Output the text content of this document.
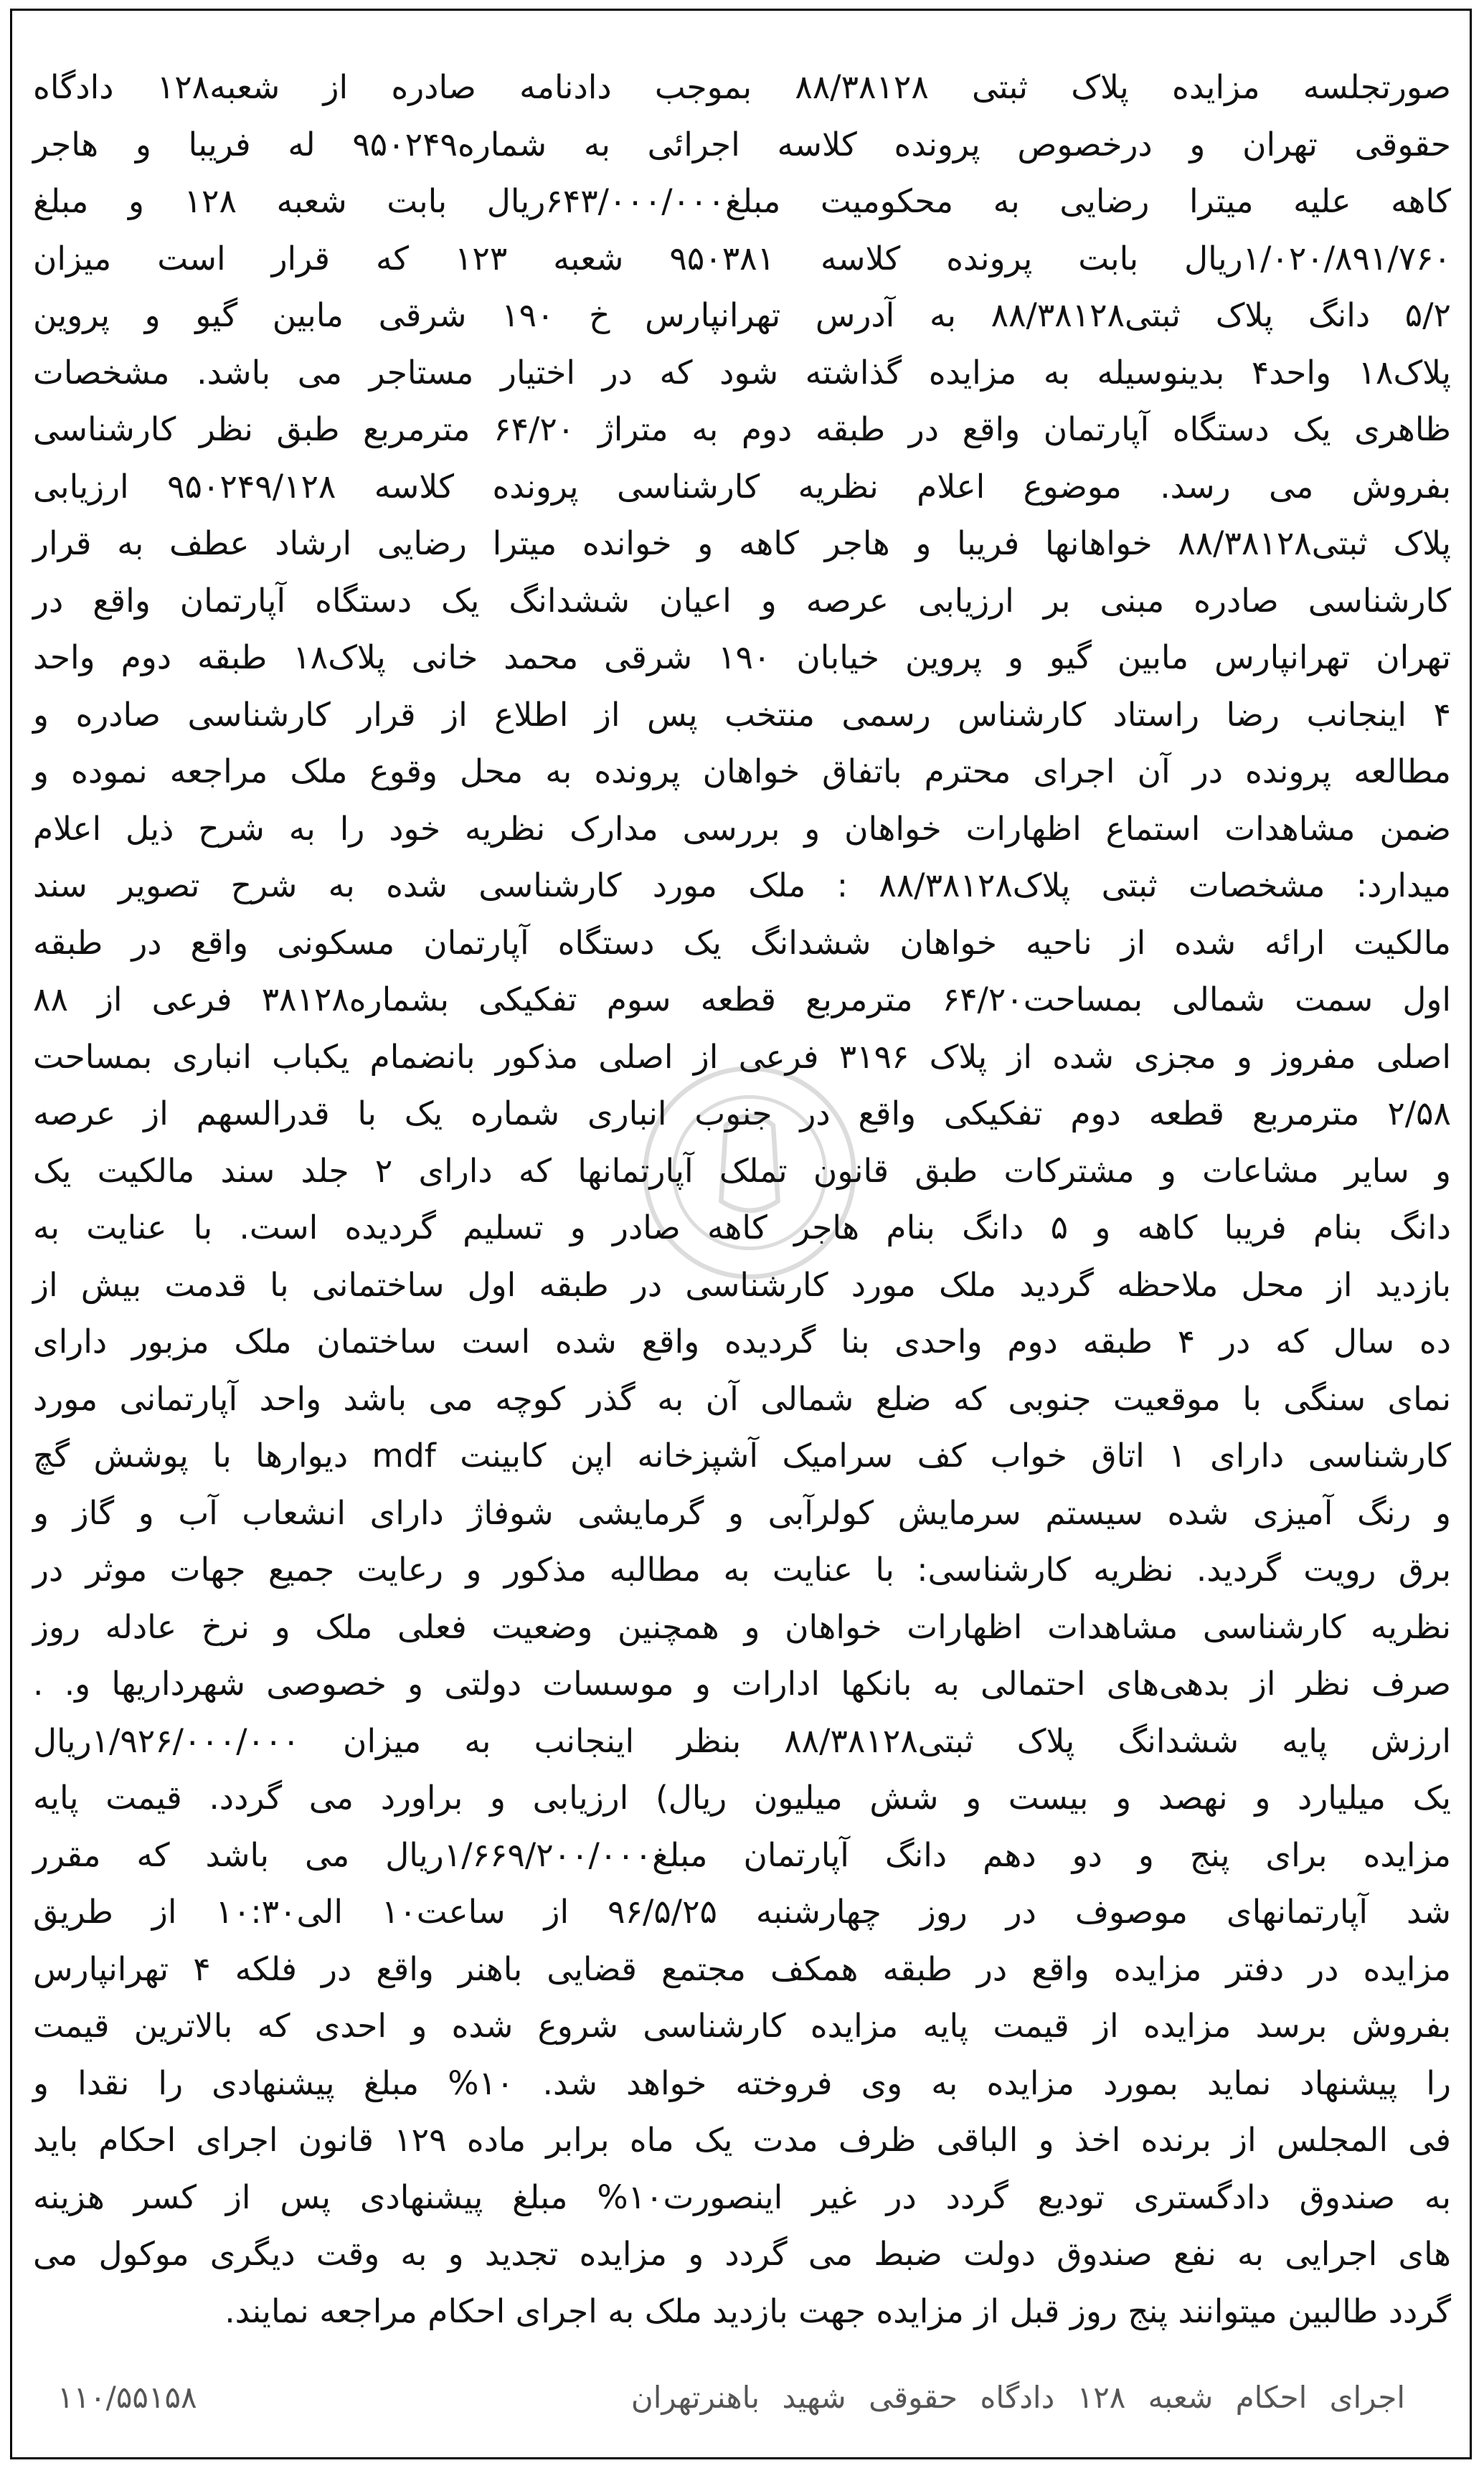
صورتجلسه مزایده پلاک ثبتی ۸۸/۳۸۱۲۸ بموجب دادنامه صادره از شعبه۱۲۸ دادگاه
حقوقی تهران و درخصوص پرونده کلاسه اجرائی به شماره۹۵۰۲۴۹ له فریبا و هاجر
کاهه علیه میترا رضایی به محکومیت مبلغ۶۴۳/۰۰۰/۰۰۰ریال بابت شعبه ۱۲۸ و مبلغ
۱/۰۲۰/۸۹۱/۷۶۰ریال بابت پرونده کلاسه ۹۵۰۳۸۱ شعبه ۱۲۳ که قرار است میزان
۵/۲ دانگ پلاک ثبتی۸۸/۳۸۱۲۸ به آدرس تهرانپارس خ ۱۹۰ شرقی مابین گیو و پروین
پلاک۱۸ واحد۴ بدینوسیله به مزایده گذاشته شود که در اختیار مستاجر می باشد. مشخصات
ظاهری یک دستگاه آپارتمان واقع در طبقه دوم به متراژ ۶۴/۲۰ مترمربع طبق نظر کارشناسی
بفروش می رسد. موضوع اعلام نظریه کارشناسی پرونده کلاسه ۹۵۰۲۴۹/۱۲۸ ارزیابی
پلاک ثبتی۸۸/۳۸۱۲۸ خواهانها فریبا و هاجر کاهه و خوانده میترا رضایی ارشاد عطف به قرار
کارشناسی صادره مبنی بر ارزیابی عرصه و اعیان ششدانگ یک دستگاه آپارتمان واقع در
تهران تهرانپارس مابین گیو و پروین خیابان ۱۹۰ شرقی محمد خانی پلاک۱۸ طبقه دوم واحد
۴ اینجانب رضا راستاد کارشناس رسمی منتخب پس از اطلاع از قرار کارشناسی صادره و
مطالعه پرونده در آن اجرای محترم باتفاق خواهان پرونده به محل وقوع ملک مراجعه نموده و
ضمن مشاهدات استماع اظهارات خواهان و بررسی مدارک نظریه خود را به شرح ذیل اعلام
میدارد: مشخصات ثبتی پلاک۸۸/۳۸۱۲۸ : ملک مورد کارشناسی شده به شرح تصویر سند
مالکیت ارائه شده از ناحیه خواهان ششدانگ یک دستگاه آپارتمان مسکونی واقع در طبقه
اول سمت شمالی بمساحت۶۴/۲۰ مترمربع قطعه سوم تفکیکی بشماره۳۸۱۲۸ فرعی از ۸۸
اصلی مفروز و مجزی شده از پلاک ۳۱۹۶ فرعی از اصلی مذکور بانضمام یکباب انباری بمساحت
۲/۵۸ مترمربع قطعه دوم تفکیکی واقع در جنوب انباری شماره یک با قدرالسهم از عرصه
و سایر مشاعات و مشترکات طبق قانون تملک آپارتمانها که دارای ۲ جلد سند مالکیت یک
دانگ بنام فریبا کاهه و ۵ دانگ بنام هاجر کاهه صادر و تسلیم گردیده است. با عنایت به
بازدید از محل ملاحظه گردید ملک مورد کارشناسی در طبقه اول ساختمانی با قدمت بیش از
ده سال که در ۴ طبقه دوم واحدی بنا گردیده واقع شده است ساختمان ملک مزبور دارای
نمای سنگی با موقعیت جنوبی که ضلع شمالی آن به گذر کوچه می باشد واحد آپارتمانی مورد
کارشناسی دارای ۱ اتاق خواب کف سرامیک آشپزخانه اپن کابینت mdf دیوارها با پوشش گچ
و رنگ آمیزی شده سیستم سرمایش کولرآبی و گرمایشی شوفاژ دارای انشعاب آب و گاز و
برق رویت گردید. نظریه کارشناسی: با عنایت به مطالبه مذکور و رعایت جمیع جهات موثر در
نظریه کارشناسی مشاهدات اظهارات خواهان و همچنین وضعیت فعلی ملک و نرخ عادله روز
صرف نظر از بدهی‌های احتمالی به بانکها ادارات و موسسات دولتی و خصوصی شهرداریها و. .
ارزش پایه ششدانگ پلاک ثبتی۸۸/۳۸۱۲۸ بنظر اینجانب به میزان ۱/۹۲۶/۰۰۰/۰۰۰ریال
یک میلیارد و نهصد و بیست و شش میلیون ریال) ارزیابی و براورد می گردد. قیمت پایه
مزایده برای پنج و دو دهم دانگ آپارتمان مبلغ۱/۶۶۹/۲۰۰/۰۰۰ریال می باشد که مقرر
شد آپارتمانهای موصوف در روز چهارشنبه ۹۶/۵/۲۵ از ساعت۱۰ الی۱۰:۳۰ از طریق
مزایده در دفتر مزایده واقع در طبقه همکف مجتمع قضایی باهنر واقع در فلکه ۴ تهرانپارس
بفروش برسد مزایده از قیمت پایه مزایده کارشناسی شروع شده و احدی که بالاترین قیمت
را پیشنهاد نماید بمورد مزایده به وی فروخته خواهد شد. ۱۰% مبلغ پیشنهادی را نقدا و
فی المجلس از برنده اخذ و الباقی ظرف مدت یک ماه برابر ماده ۱۲۹ قانون اجرای احکام باید
به صندوق دادگستری تودیع گردد در غیر اینصورت۱۰% مبلغ پیشنهادی پس از کسر هزینه
های اجرایی به نفع صندوق دولت ضبط می گردد و مزایده تجدید و به وقت دیگری موکول می
گردد طالبین میتوانند پنج روز قبل از مزایده جهت بازدید ملک به اجرای احکام مراجعه نمایند.
اجرای احکام شعبه ۱۲۸ دادگاه حقوقی شهید باهنرتهران
۱۱۰/۵۵۱۵۸
